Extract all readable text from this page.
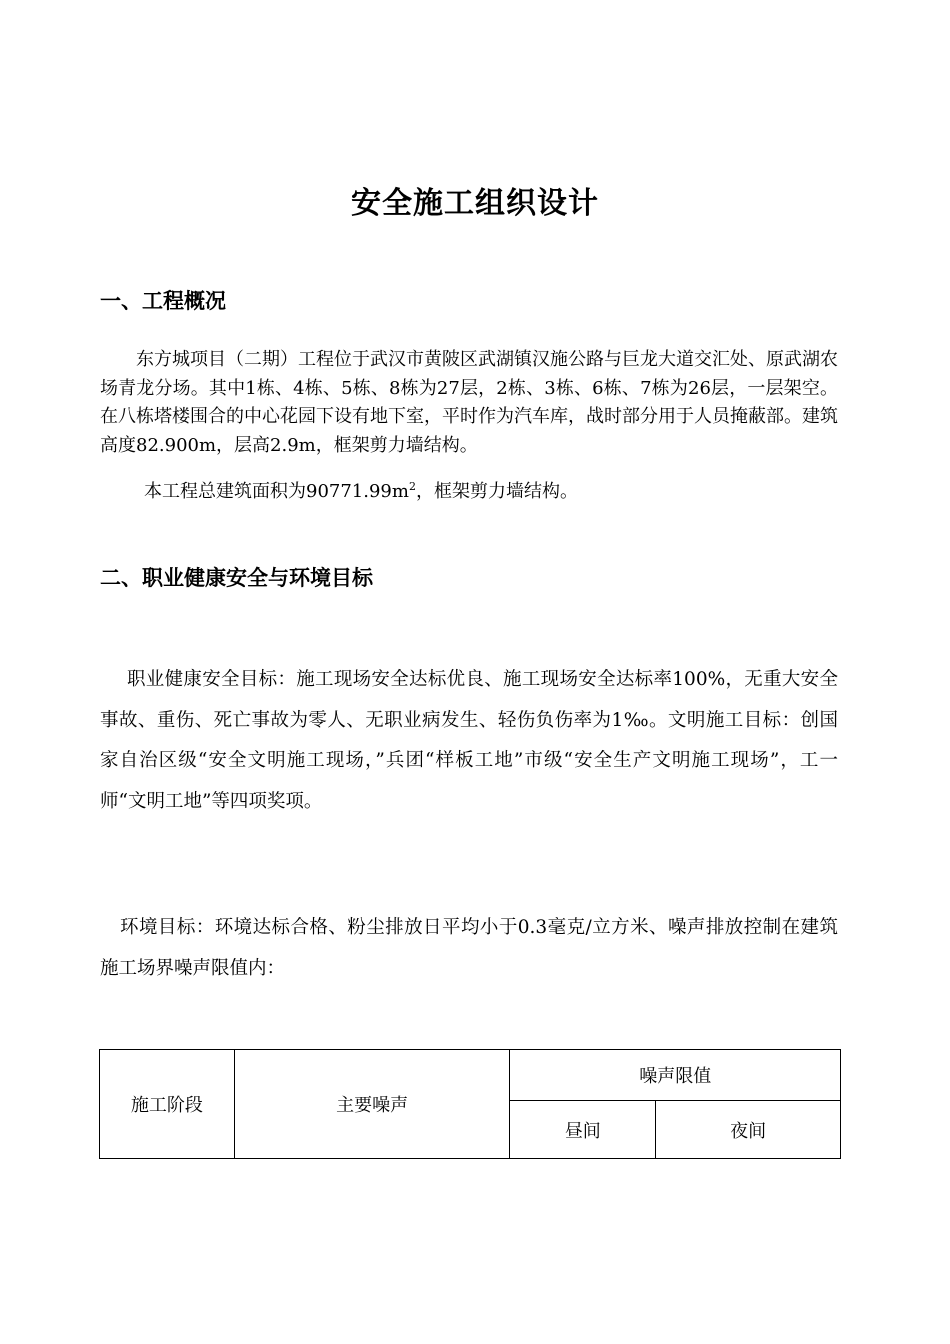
安全施工组织设计
一、工程概况

东方城项目（二期）工程位于武汉市黄陂区武湖镇汉施公路与巨龙大道交汇处、原武湖农场青龙分场。其中1栋、4栋、5栋、8栋为27层，2栋、3栋、6栋、7栋为26层，一层架空。在八栋塔楼围合的中心花园下设有地下室，平时作为汽车库，战时部分用于人员掩蔽部。建筑高度82.900m，层高2.9m，框架剪力墙结构。

本工程总建筑面积为$90771.99m^2$，框架剪力墙结构。

二、职业健康安全与环境目标

职业健康安全目标：施工现场安全达标优良、施工现场安全达标率100%，无重大安全事故、重伤、死亡事故为零人、无职业病发生、轻伤负伤率为1‰。文明施工目标：创国家自治区级“安全文明施工现场，”兵团“样板工地”市级“安全生产文明施工现场”，工一师“文明工地”等四项奖项。

环境目标：环境达标合格、粉尘排放日平均小于0.3毫克/立方米、噪声排放控制在建筑施工场界噪声限值内：

施工阶段	主要噪声	噪声限值	
		昼间	夜间
